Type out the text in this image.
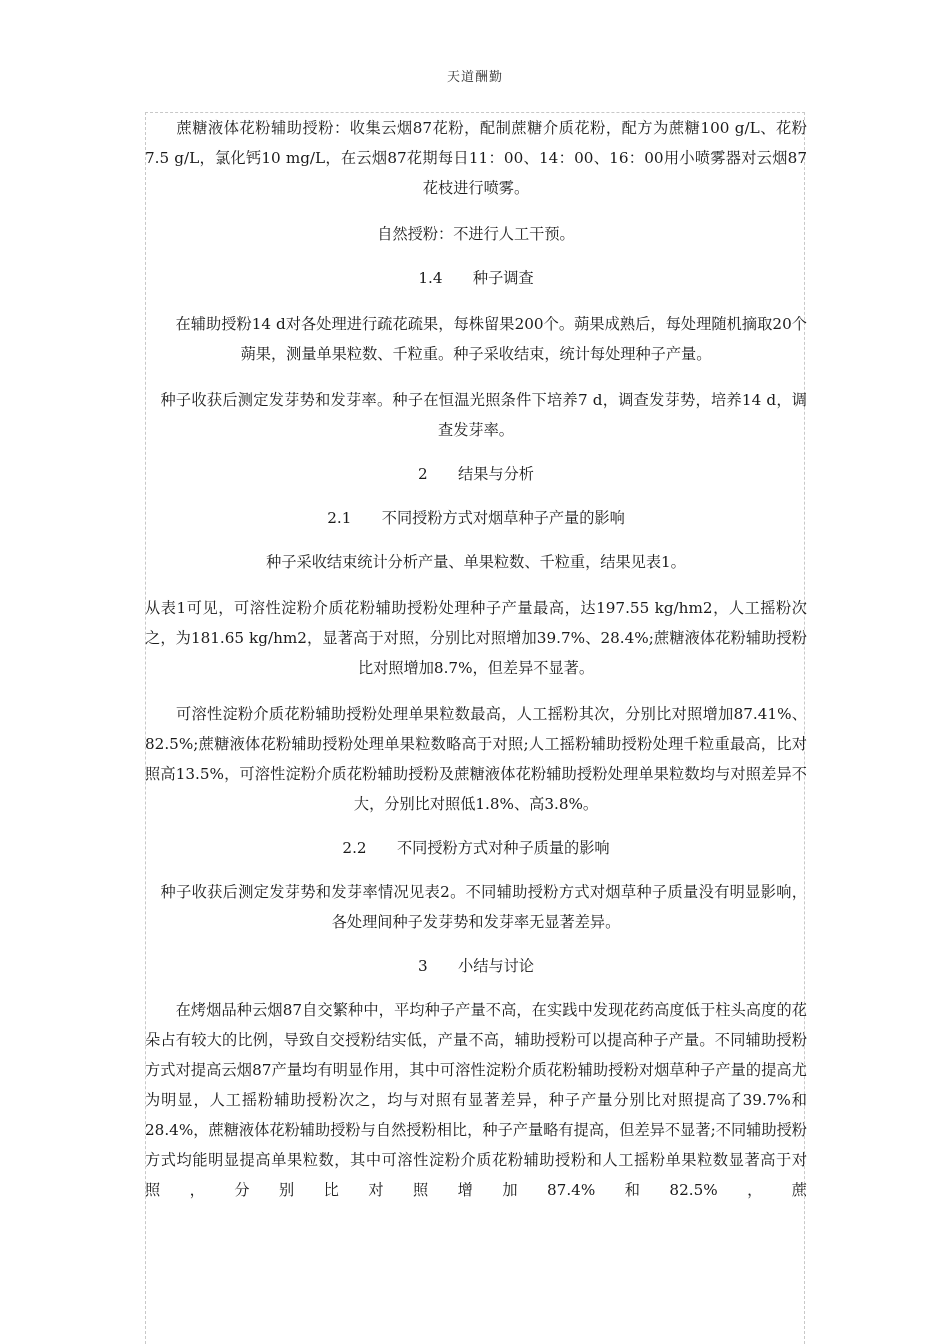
天道酬勤

　　蔗糖液体花粉辅助授粉：收集云烟87花粉，配制蔗糖介质花粉，配方为蔗糖100 g/L、花粉7.5 g/L，氯化钙10 mg/L，在云烟87花期每日11：00、14：00、16：00用小喷雾器对云烟87花枝进行喷雾。

自然授粉：不进行人工干预。

1.4　　种子调查

　　在辅助授粉14 d对各处理进行疏花疏果，每株留果200个。蒴果成熟后，每处理随机摘取20个蒴果，测量单果粒数、千粒重。种子采收结束，统计每处理种子产量。

　种子收获后测定发芽势和发芽率。种子在恒温光照条件下培养7 d，调查发芽势，培养14 d，调查发芽率。

2　　结果与分析

2.1　　不同授粉方式对烟草种子产量的影响

种子采收结束统计分析产量、单果粒数、千粒重，结果见表1。

从表1可见，可溶性淀粉介质花粉辅助授粉处理种子产量最高，达197.55 kg/hm2，人工摇粉次之，为181.65 kg/hm2，显著高于对照，分别比对照增加39.7%、28.4%;蔗糖液体花粉辅助授粉比对照增加8.7%，但差异不显著。

　　可溶性淀粉介质花粉辅助授粉处理单果粒数最高，人工摇粉其次，分别比对照增加87.41%、82.5%;蔗糖液体花粉辅助授粉处理单果粒数略高于对照;人工摇粉辅助授粉处理千粒重最高，比对照高13.5%，可溶性淀粉介质花粉辅助授粉及蔗糖液体花粉辅助授粉处理单果粒数均与对照差异不大，分别比对照低1.8%、高3.8%。

2.2　　不同授粉方式对种子质量的影响

　种子收获后测定发芽势和发芽率情况见表2。不同辅助授粉方式对烟草种子质量没有明显影响，各处理间种子发芽势和发芽率无显著差异。

3　　小结与讨论

　　在烤烟品种云烟87自交繁种中，平均种子产量不高，在实践中发现花药高度低于柱头高度的花朵占有较大的比例，导致自交授粉结实低，产量不高，辅助授粉可以提高种子产量。不同辅助授粉方式对提高云烟87产量均有明显作用，其中可溶性淀粉介质花粉辅助授粉对烟草种子产量的提高尤为明显，人工摇粉辅助授粉次之，均与对照有显著差异，种子产量分别比对照提高了39.7%和 28.4%，蔗糖液体花粉辅助授粉与自然授粉相比，种子产量略有提高，但差异不显著;不同辅助授粉方式均能明显提高单果粒数，其中可溶性淀粉介质花粉辅助授粉和人工摇粉单果粒数显著高于对照，分别比对照增加87.4%和82.5%，蔗
